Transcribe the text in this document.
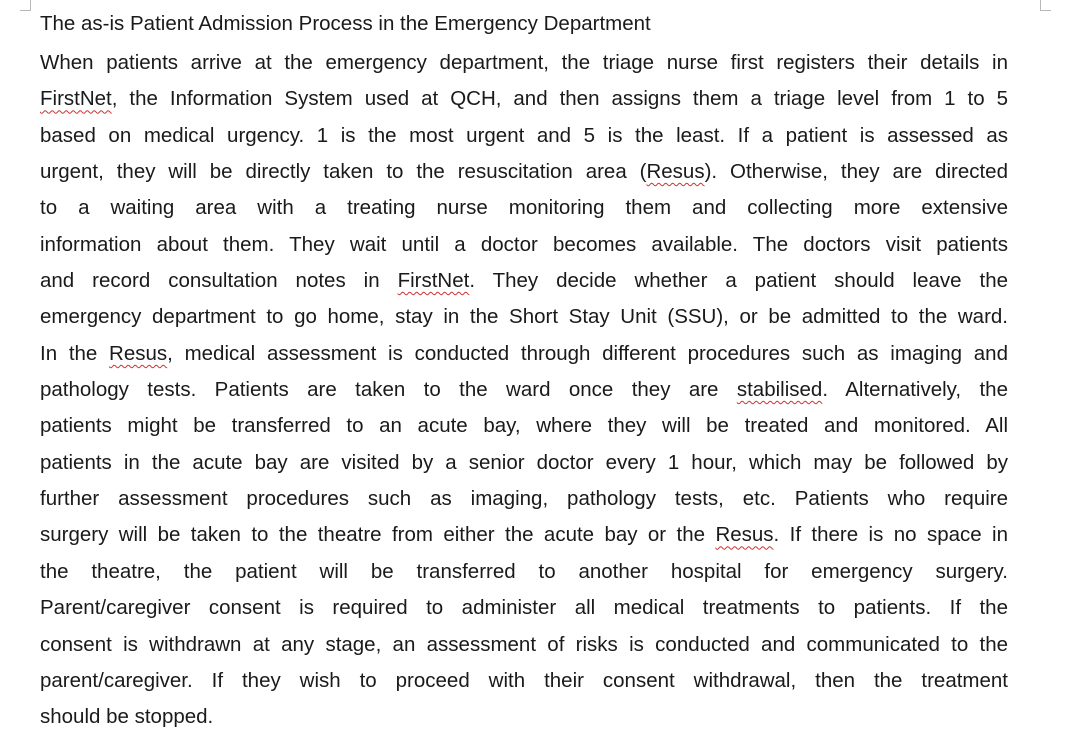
The as-is Patient Admission Process in the Emergency Department
When patients arrive at the emergency department, the triage nurse first registers their details in
FirstNet, the Information System used at QCH, and then assigns them a triage level from 1 to 5
based on medical urgency. 1 is the most urgent and 5 is the least. If a patient is assessed as
urgent, they will be directly taken to the resuscitation area (Resus). Otherwise, they are directed
to a waiting area with a treating nurse monitoring them and collecting more extensive
information about them. They wait until a doctor becomes available. The doctors visit patients
and record consultation notes in FirstNet. They decide whether a patient should leave the
emergency department to go home, stay in the Short Stay Unit (SSU), or be admitted to the ward.
In the Resus, medical assessment is conducted through different procedures such as imaging and
pathology tests. Patients are taken to the ward once they are stabilised. Alternatively, the
patients might be transferred to an acute bay, where they will be treated and monitored. All
patients in the acute bay are visited by a senior doctor every 1 hour, which may be followed by
further assessment procedures such as imaging, pathology tests, etc. Patients who require
surgery will be taken to the theatre from either the acute bay or the Resus. If there is no space in
the theatre, the patient will be transferred to another hospital for emergency surgery.
Parent/caregiver consent is required to administer all medical treatments to patients. If the
consent is withdrawn at any stage, an assessment of risks is conducted and communicated to the
parent/caregiver. If they wish to proceed with their consent withdrawal, then the treatment
should be stopped.
